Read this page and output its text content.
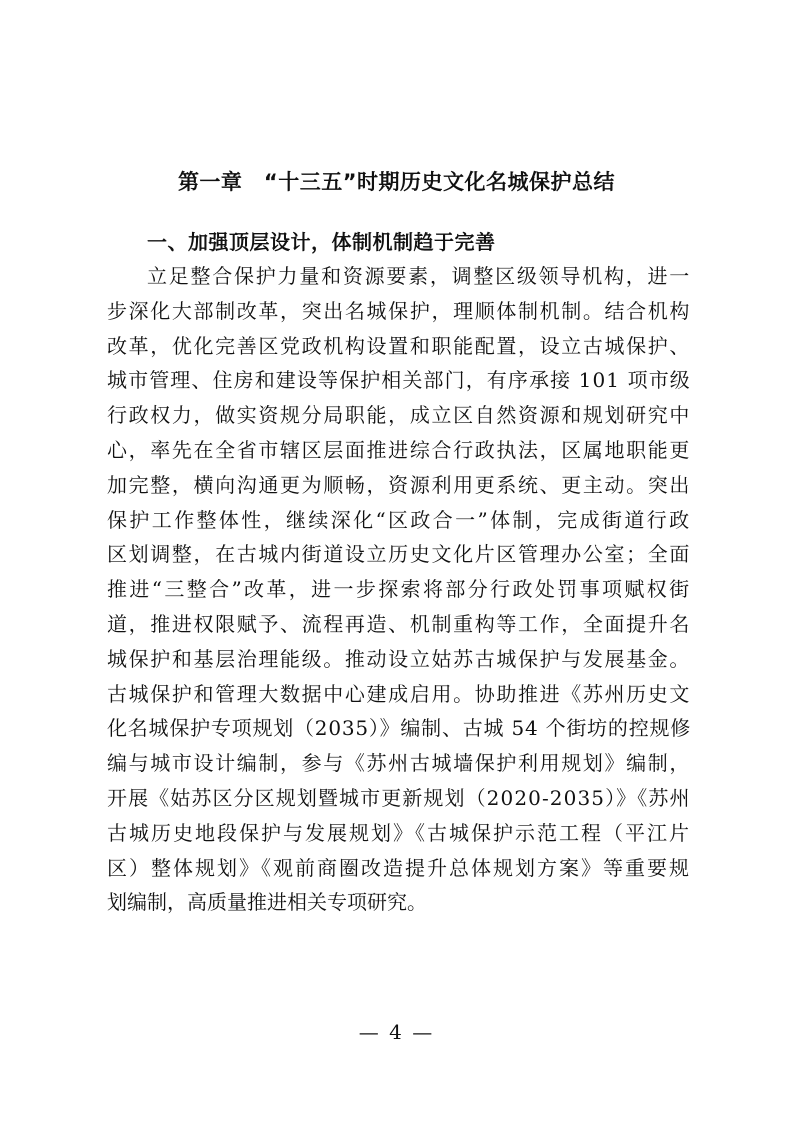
第一章　“十三五”时期历史文化名城保护总结
一、加强顶层设计，体制机制趋于完善
立足整合保护力量和资源要素，调整区级领导机构，进一
步深化大部制改革，突出名城保护，理顺体制机制。结合机构
改革，优化完善区党政机构设置和职能配置，设立古城保护、
城市管理、住房和建设等保护相关部门，有序承接 101 项市级
行政权力，做实资规分局职能，成立区自然资源和规划研究中
心，率先在全省市辖区层面推进综合行政执法，区属地职能更
加完整，横向沟通更为顺畅，资源利用更系统、更主动。突出
保护工作整体性，继续深化“区政合一”体制，完成街道行政
区划调整，在古城内街道设立历史文化片区管理办公室；全面
推进“三整合”改革，进一步探索将部分行政处罚事项赋权街
道，推进权限赋予、流程再造、机制重构等工作，全面提升名
城保护和基层治理能级。推动设立姑苏古城保护与发展基金。
古城保护和管理大数据中心建成启用。协助推进《苏州历史文
化名城保护专项规划（2035）》编制、古城 54 个街坊的控规修
编与城市设计编制，参与《苏州古城墙保护利用规划》编制，
开展《姑苏区分区规划暨城市更新规划（2020-2035）》《苏州
古城历史地段保护与发展规划》《古城保护示范工程（平江片
区）整体规划》《观前商圈改造提升总体规划方案》等重要规
划编制，高质量推进相关专项研究。
— 4 —
